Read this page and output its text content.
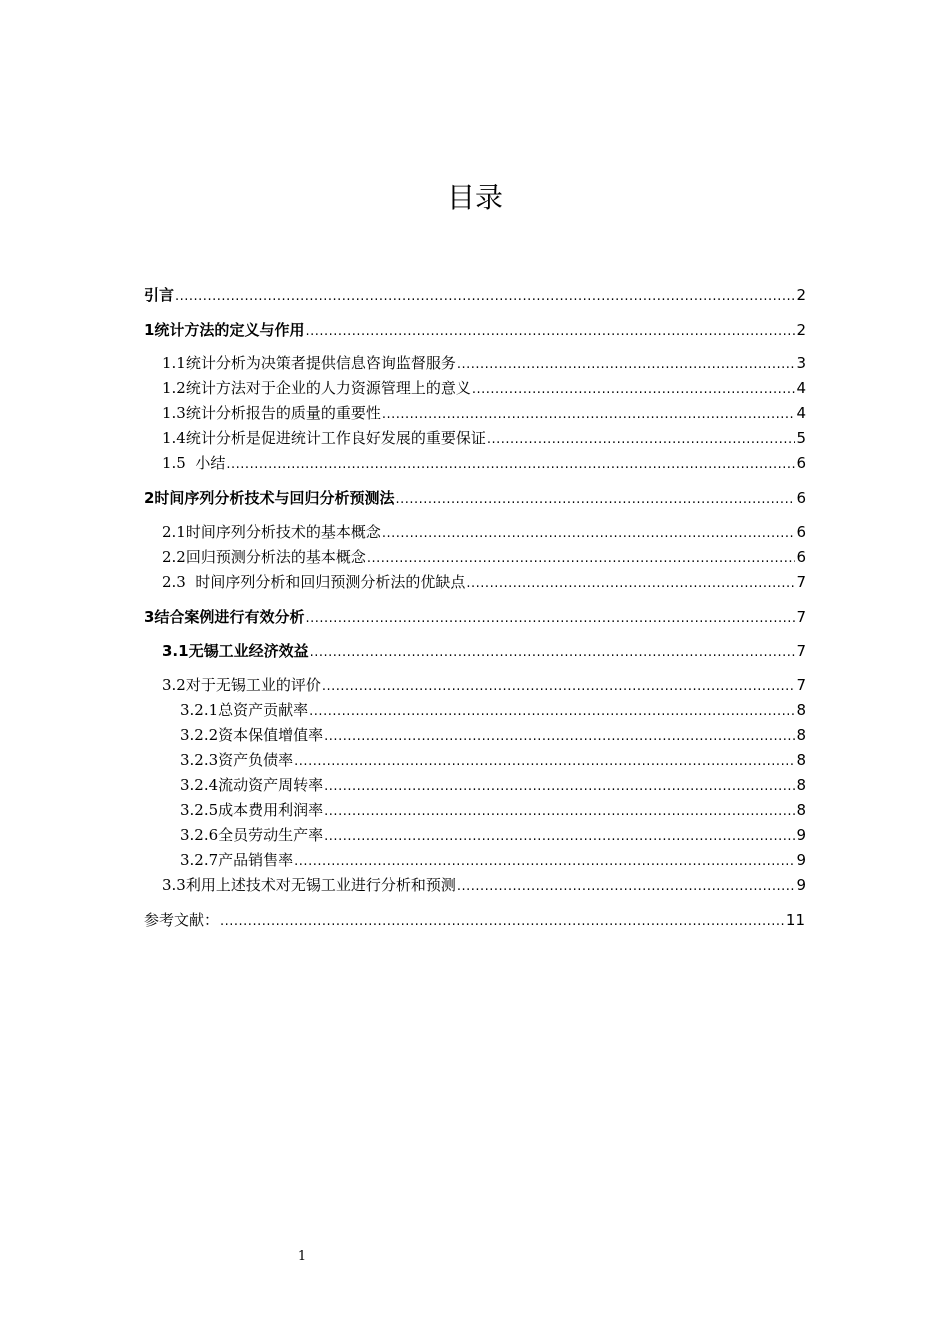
目录
引言 .....	2
1统计方法的定义与作用 .....	2
1.1统计分析为决策者提供信息咨询监督服务 .....	3
1.2统计方法对于企业的人力资源管理上的意义 .....	4
1.3统计分析报告的质量的重要性 .....	4
1.4统计分析是促进统计工作良好发展的重要保证 .....	5
1.5  小结 .....	6
2时间序列分析技术与回归分析预测法 .....	6
2.1时间序列分析技术的基本概念 .....	6
2.2回归预测分析法的基本概念 .....	6
2.3  时间序列分析和回归预测分析法的优缺点 .....	7
3结合案例进行有效分析 .....	7
3.1无锡工业经济效益 .....	7
3.2对于无锡工业的评价 .....	7
3.2.1总资产贡献率 .....	8
3.2.2资本保值增值率 .....	8
3.2.3资产负债率 .....	8
3.2.4流动资产周转率 .....	8
3.2.5成本费用利润率 .....	8
3.2.6全员劳动生产率 .....	9
3.2.7产品销售率 .....	9
3.3利用上述技术对无锡工业进行分析和预测 .....	9
参考文献： .....	11
1
